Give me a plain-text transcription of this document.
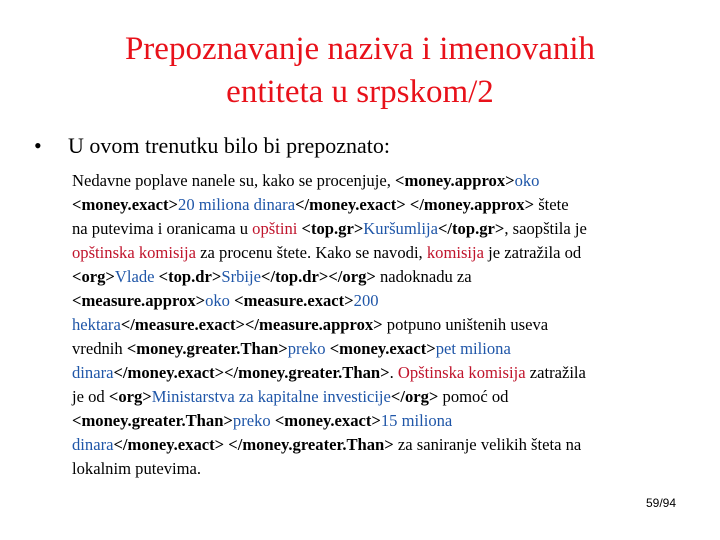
Prepoznavanje naziva i imenovanih
entiteta u srpskom/2
• U ovom trenutku bilo bi prepoznato:
Nedavne poplave nanele su, kako se procenjuje, <money.approx>oko
<money.exact>20 miliona dinara</money.exact> </money.approx> štete
na putevima i oranicama u opštini <top.gr>Kuršumlija</top.gr>, saopštila je
opštinska komisija za procenu štete. Kako se navodi, komisija je zatražila od
<org>Vlade <top.dr>Srbije</top.dr></org> nadoknadu za
<measure.approx>oko <measure.exact>200
hektara</measure.exact></measure.approx> potpuno uništenih useva
vrednih <money.greater.Than>preko <money.exact>pet miliona
dinara</money.exact></money.greater.Than>. Opštinska komisija zatražila
je od <org>Ministarstva za kapitalne investicije</org> pomoć od
<money.greater.Than>preko <money.exact>15 miliona
dinara</money.exact> </money.greater.Than> za saniranje velikih šteta na
lokalnim putevima.
59/94
